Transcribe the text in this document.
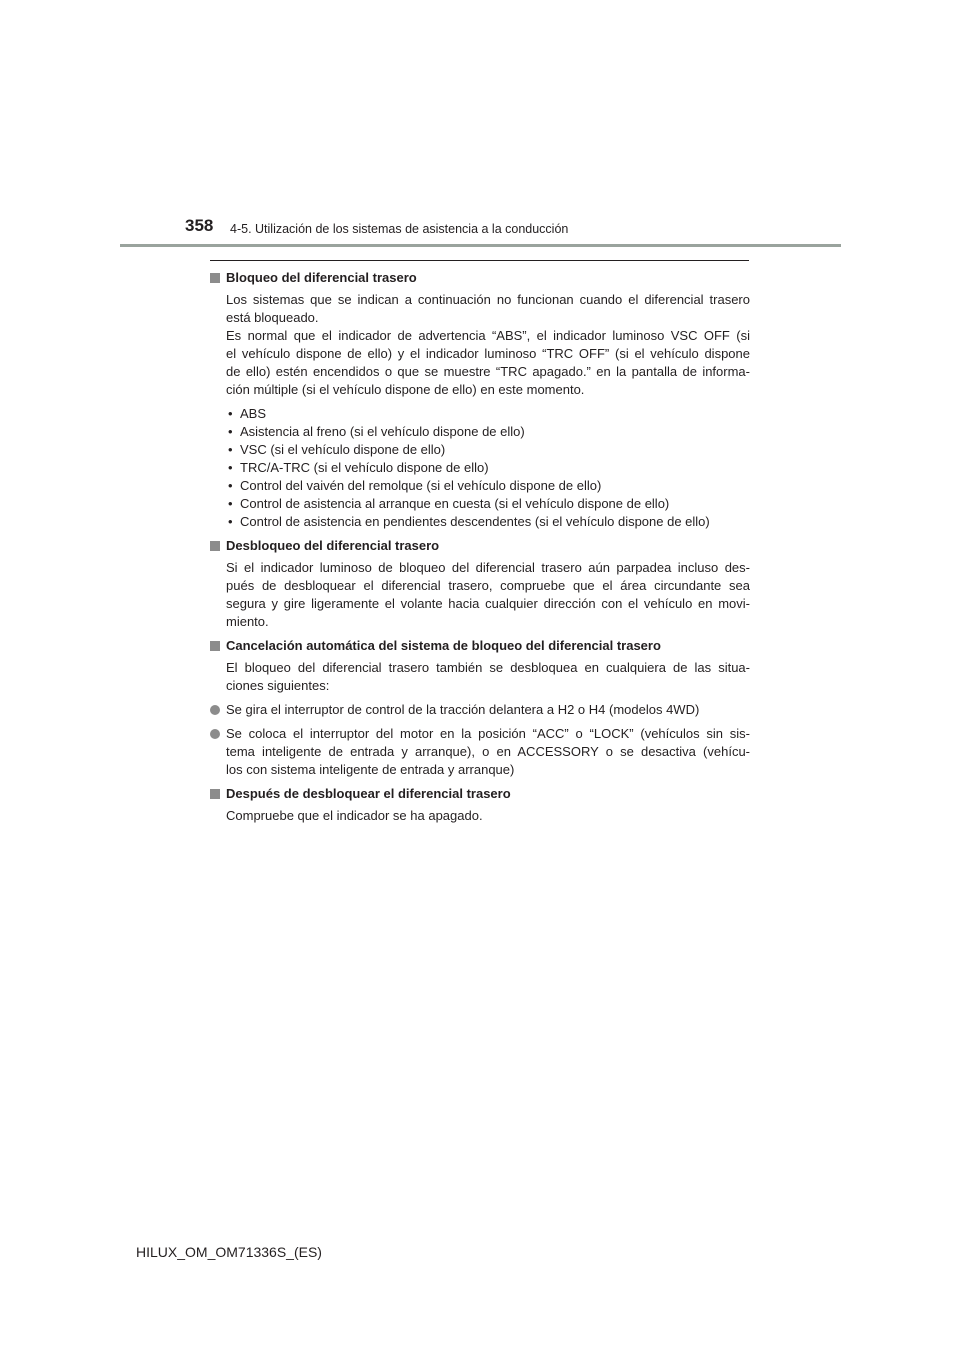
358 4-5. Utilización de los sistemas de asistencia a la conducción
Bloqueo del diferencial trasero
Los sistemas que se indican a continuación no funcionan cuando el diferencial trasero
está bloqueado.
Es normal que el indicador de advertencia “ABS”, el indicador luminoso VSC OFF (si
el vehículo dispone de ello) y el indicador luminoso “TRC OFF” (si el vehículo dispone
de ello) estén encendidos o que se muestre “TRC apagado.” en la pantalla de informa-
ción múltiple (si el vehículo dispone de ello) en este momento.
• ABS
• Asistencia al freno (si el vehículo dispone de ello)
• VSC (si el vehículo dispone de ello)
• TRC/A-TRC (si el vehículo dispone de ello)
• Control del vaivén del remolque (si el vehículo dispone de ello)
• Control de asistencia al arranque en cuesta (si el vehículo dispone de ello)
• Control de asistencia en pendientes descendentes (si el vehículo dispone de ello)
Desbloqueo del diferencial trasero
Si el indicador luminoso de bloqueo del diferencial trasero aún parpadea incluso des-
pués de desbloquear el diferencial trasero, compruebe que el área circundante sea
segura y gire ligeramente el volante hacia cualquier dirección con el vehículo en movi-
miento.
Cancelación automática del sistema de bloqueo del diferencial trasero
El bloqueo del diferencial trasero también se desbloquea en cualquiera de las situa-
ciones siguientes:
Se gira el interruptor de control de la tracción delantera a H2 o H4 (modelos 4WD)
Se coloca el interruptor del motor en la posición “ACC” o “LOCK” (vehículos sin sis-
tema inteligente de entrada y arranque), o en ACCESSORY o se desactiva (vehícu-
los con sistema inteligente de entrada y arranque)
Después de desbloquear el diferencial trasero
Compruebe que el indicador se ha apagado.
HILUX_OM_OM71336S_(ES)
